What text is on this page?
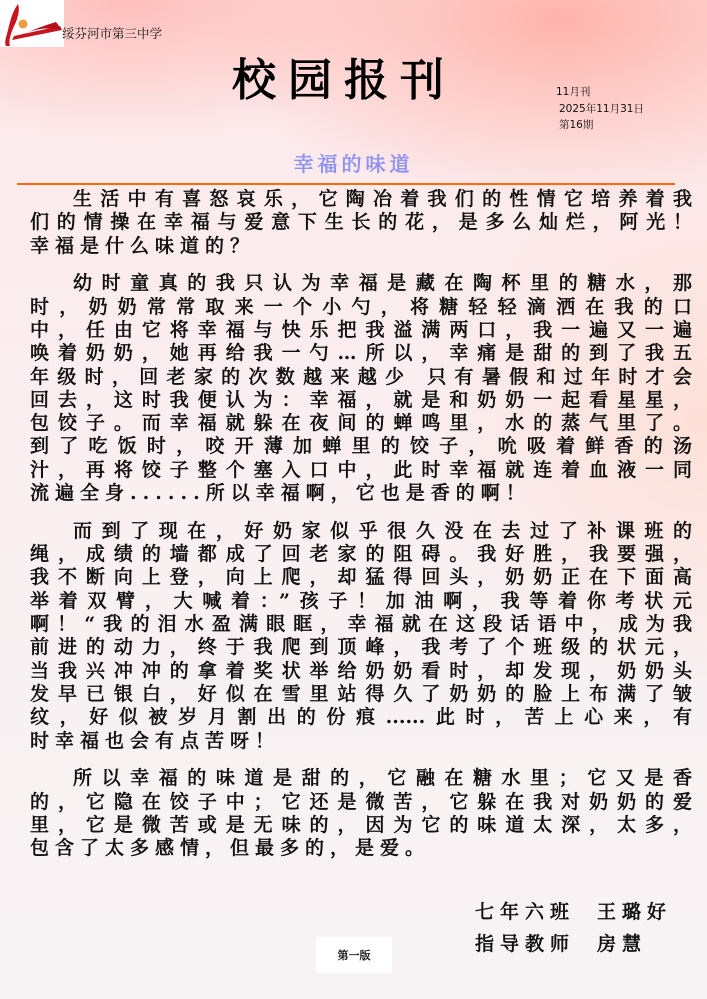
绥芬河市第三中学
校园报刊	11月刊
2025年11月31日
第16期
幸福的味道
生活中有喜怒哀乐，它陶冶着我们的性情它培养着我
们的情操在幸福与爱意下生长的花，是多么灿烂，阿光！
幸福是什么味道的？
幼时童真的我只认为幸福是藏在陶杯里的糖水，那
时，奶奶常常取来一个小勺，将糖轻轻滴洒在我的口
中，任由它将幸福与快乐把我溢满两口，我一遍又一遍
唤着奶奶，她再给我一勺…所以，幸痛是甜的到了我五
年级时，回老家的次数越来越少 只有暑假和过年时才会
回去，这时我便认为：幸福，就是和奶奶一起看星星，
包饺子。而幸福就躲在夜间的蝉鸣里，水的蒸气里了。
到了吃饭时，咬开薄加蝉里的饺子，吮吸着鲜香的汤
汁，再将饺子整个塞入口中，此时幸福就连着血液一同
流遍全身......所以幸福啊，它也是香的啊！
而到了现在，好奶家似乎很久没在去过了补课班的
绳，成绩的墙都成了回老家的阻碍。我好胜，我要强，
我不断向上登，向上爬，却猛得回头，奶奶正在下面高
举着双臂，大喊着：”孩子！加油啊，我等着你考状元
啊！“我的泪水盈满眼眶，幸福就在这段话语中，成为我
前进的动力，终于我爬到顶峰，我考了个班级的状元，
当我兴冲冲的拿着奖状举给奶奶看时，却发现，奶奶头
发早已银白，好似在雪里站得久了奶奶的脸上布满了皱
纹，好似被岁月割出的份痕......此时，苦上心来，有
时幸福也会有点苦呀！
所以幸福的味道是甜的，它融在糖水里；它又是香
的，它隐在饺子中；它还是微苦，它躲在我对奶奶的爱
里，它是微苦或是无味的，因为它的味道太深，太多，
包含了太多感情，但最多的，是爱。
七年六班 王璐好
指导教师 房慧
第一版
